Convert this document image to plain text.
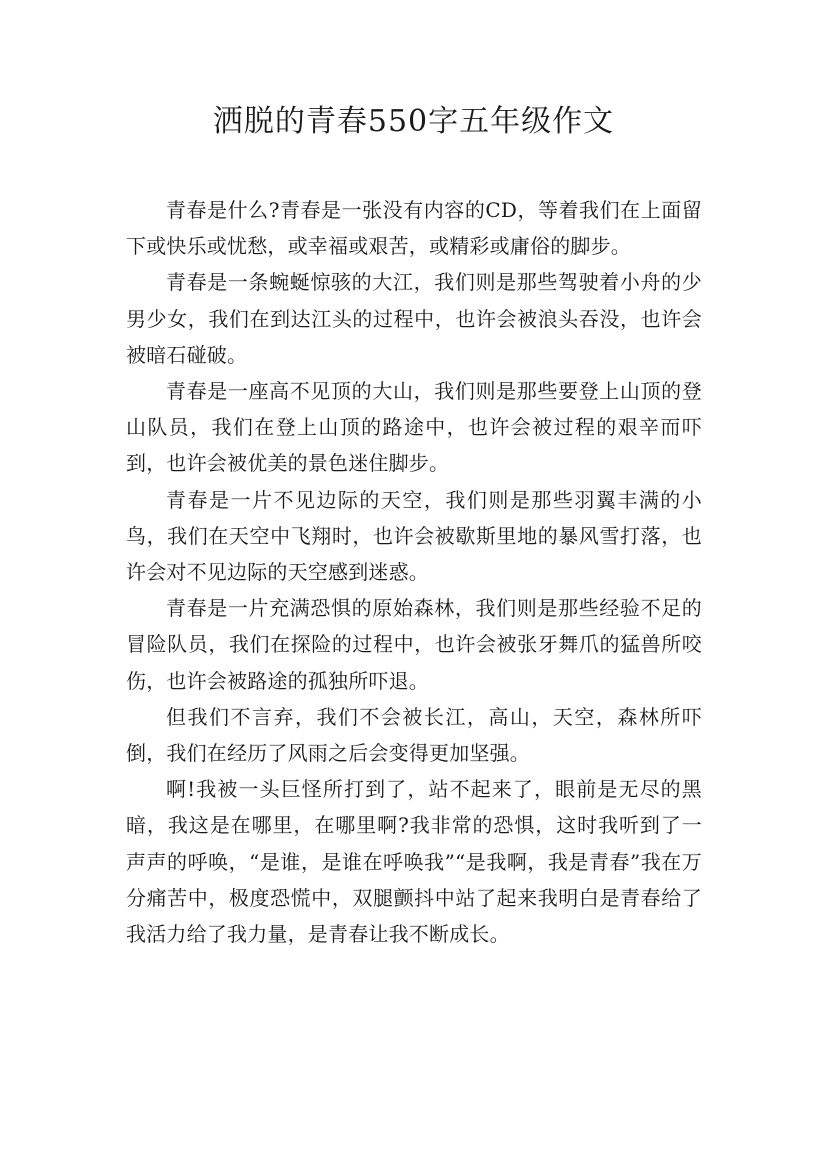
洒脱的青春550字五年级作文

青春是什么?青春是一张没有内容的CD，等着我们在上面留下或快乐或忧愁，或幸福或艰苦，或精彩或庸俗的脚步。

青春是一条蜿蜒惊骇的大江，我们则是那些驾驶着小舟的少男少女，我们在到达江头的过程中，也许会被浪头吞没，也许会被暗石碰破。

青春是一座高不见顶的大山，我们则是那些要登上山顶的登山队员，我们在登上山顶的路途中，也许会被过程的艰辛而吓到，也许会被优美的景色迷住脚步。

青春是一片不见边际的天空，我们则是那些羽翼丰满的小鸟，我们在天空中飞翔时，也许会被歇斯里地的暴风雪打落，也许会对不见边际的天空感到迷惑。

青春是一片充满恐惧的原始森林，我们则是那些经验不足的冒险队员，我们在探险的过程中，也许会被张牙舞爪的猛兽所咬伤，也许会被路途的孤独所吓退。

但我们不言弃，我们不会被长江，高山，天空，森林所吓倒，我们在经历了风雨之后会变得更加坚强。

啊!我被一头巨怪所打到了，站不起来了，眼前是无尽的黑暗，我这是在哪里，在哪里啊?我非常的恐惧，这时我听到了一声声的呼唤，“是谁，是谁在呼唤我”“是我啊，我是青春”我在万分痛苦中，极度恐慌中，双腿颤抖中站了起来我明白是青春给了我活力给了我力量，是青春让我不断成长。
